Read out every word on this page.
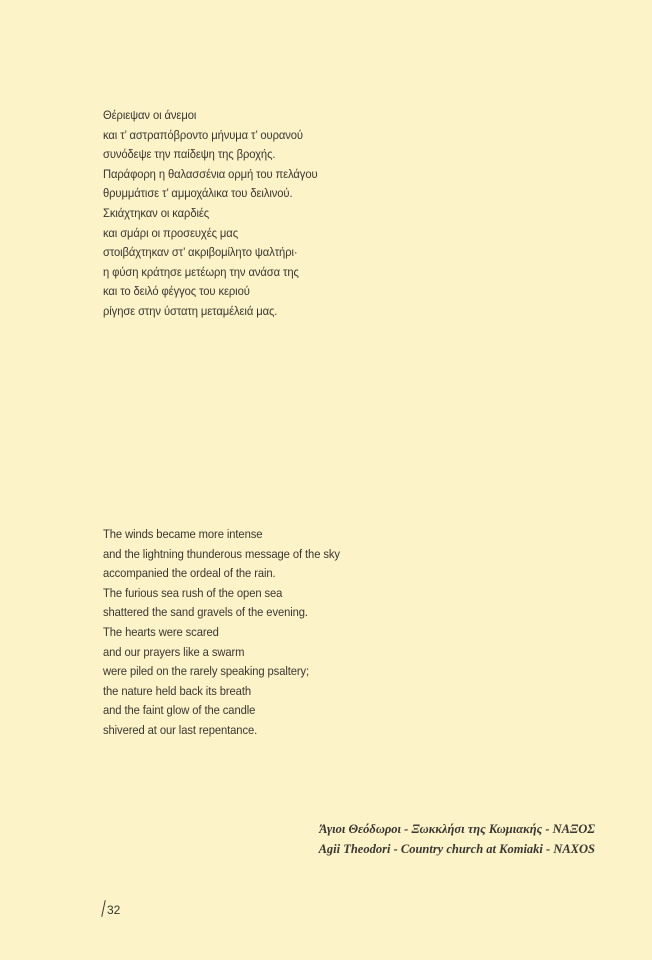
Θέριεψαν οι άνεμοι
και τ’ αστραπόβροντο μήνυμα τ’ ουρανού
συνόδεψε την παίδεψη της βροχής.
Παράφορη η θαλασσένια ορμή του πελάγου
θρυμμάτισε τ’ αμμοχάλικα του δειλινού.
Σκιάχτηκαν οι καρδιές
και σμάρι οι προσευχές μας
στοιβάχτηκαν στ’ ακριβομίλητο ψαλτήρι·
η φύση κράτησε μετέωρη την ανάσα της
και το δειλό φέγγος του κεριού
ρίγησε στην ύστατη μεταμέλειά μας.
The winds became more intense
and the lightning thunderous message of the sky
accompanied the ordeal of the rain.
The furious sea rush of the open sea
shattered the sand gravels of the evening.
The hearts were scared
and our prayers like a swarm
were piled on the rarely speaking psaltery;
the nature held back its breath
and the faint glow of the candle
shivered at our last repentance.
Άγιοι Θεόδωροι - Ξωκκλήσι της Κωμιακής - ΝΑΞΟΣ
Agii Theodori - Country church at Komiaki - NAXOS
32
